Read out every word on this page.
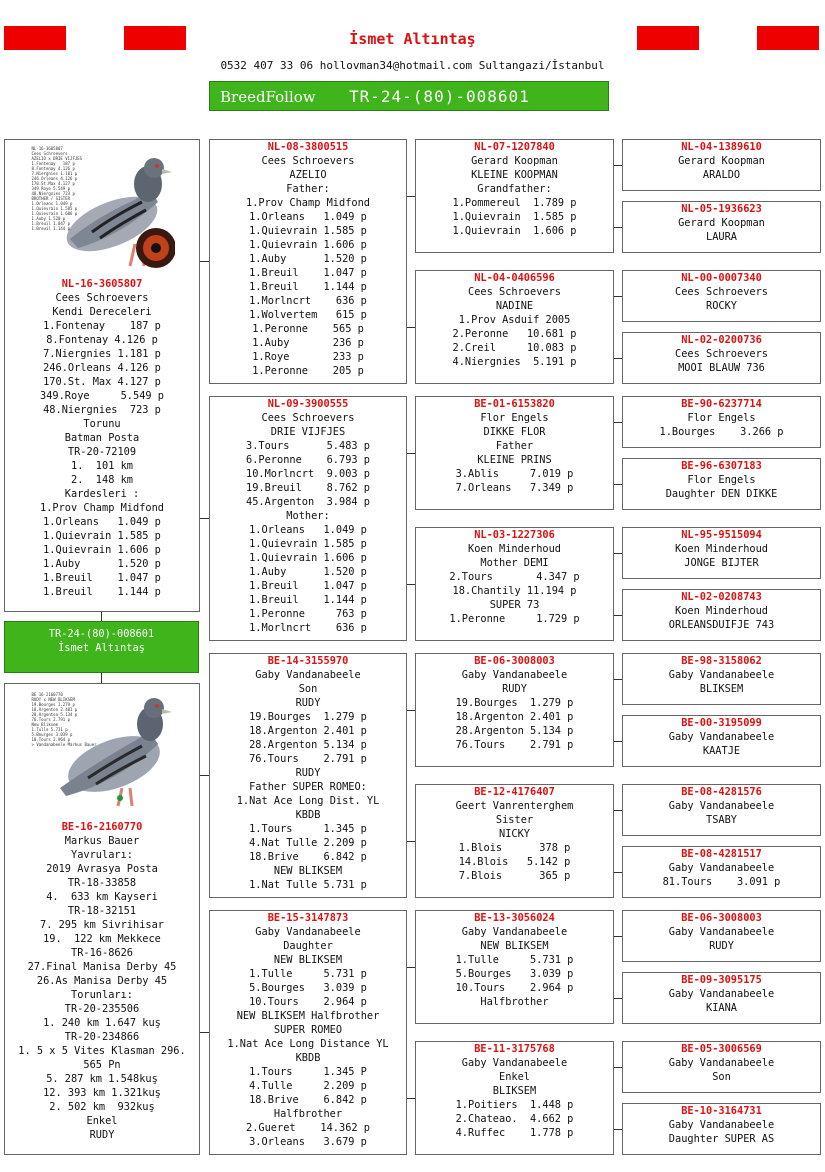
İsmet Altıntaş
0532 407 33 06 hollovman34@hotmail.com Sultangazi/İstanbul
BreedFollow TR-24-(80)-008601
NL-16-3605807
Cees Schroevers
AZELIO x DRIE VIJFJES
1.Fontenay   187 p
8.Fontenay 4.126 p
7.Niergnies 1.181 p
246.Orleans 4.126 p
170.St.Max 4.127 p
349.Roye 5.549 p
48.Niergnies 723 p
BROTHER / SISTER
1.Orleans 1.049 p
1.Quievrain 1.585 p
1.Quievrain 1.606 p
1.Auby 1.520 p
1.Breuil 1.047 p
1.Breuil 1.144 p
NL-16-3605807
Cees Schroevers
Kendi Dereceleri
1.Fontenay    187 p
8.Fontenay 4.126 p
7.Niergnies 1.181 p
246.Orleans 4.126 p
170.St. Max 4.127 p
349.Roye     5.549 p
48.Niergnies  723 p
Torunu
Batman Posta
TR-20-72109
1.  101 km
2.  148 km
Kardesleri :
1.Prov Champ Midfond
1.Orleans   1.049 p
1.Quievrain 1.585 p
1.Quievrain 1.606 p
1.Auby      1.520 p
1.Breuil    1.047 p
1.Breuil    1.144 p
TR-24-(80)-008601
İsmet Altıntaş
BE 16-2160770
RUDY x NEW BLIKSEM
19.Bourges 1.279 p
18.Argenton 2.401 p
28.Argenton 5.134 p
76.Tours 2.791 p
New Bliksem
1.Tulle 5.731 p
5.Bourges 3.039 p
10.Tours 2.964 p
> Vandanabeele Markus Bauer
BE-16-2160770
Markus Bauer
Yavruları:
2019 Avrasya Posta
TR-18-33858
4.  633 km Kayseri
TR-18-32151
7. 295 km Sivrihisar
19.  122 km Mekkece
TR-16-8626
27.Final Manisa Derby 45
26.As Manisa Derby 45
Torunları:
TR-20-235506
1. 240 km 1.647 kuş
TR-20-234866
1. 5 x 5 Vites Klasman 296.
565 Pn
5. 287 km 1.548kuş
12. 393 km 1.321kuş
2. 502 km  932kuş
Enkel
RUDY
NL-08-3800515
Cees Schroevers
AZELIO
Father:
1.Prov Champ Midfond
1.Orleans   1.049 p
1.Quievrain 1.585 p
1.Quievrain 1.606 p
1.Auby      1.520 p
1.Breuil    1.047 p
1.Breuil    1.144 p
1.Morlncrt    636 p
1.Wolvertem   615 p
1.Peronne    565 p
1.Auby       236 p
1.Roye       233 p
1.Peronne    205 p
NL-09-3900555
Cees Schroevers
DRIE VIJFJES
3.Tours      5.483 p
6.Peronne    6.793 p
10.Morlncrt  9.003 p
19.Breuil    8.762 p
45.Argenton  3.984 p
Mother:
1.Orleans   1.049 p
1.Quievrain 1.585 p
1.Quievrain 1.606 p
1.Auby      1.520 p
1.Breuil    1.047 p
1.Breuil    1.144 p
1.Peronne     763 p
1.Morlncrt    636 p
BE-14-3155970
Gaby Vandanabeele
Son
RUDY
19.Bourges  1.279 p
18.Argenton 2.401 p
28.Argenton 5.134 p
76.Tours    2.791 p
RUDY
Father SUPER ROMEO:
1.Nat Ace Long Dist. YL
KBDB
1.Tours     1.345 p
4.Nat Tulle 2.209 p
18.Brive    6.842 p
NEW BLIKSEM
1.Nat Tulle 5.731 p
BE-15-3147873
Gaby Vandanabeele
Daughter
NEW BLIKSEM
1.Tulle     5.731 p
5.Bourges   3.039 p
10.Tours    2.964 p
NEW BLIKSEM Halfbrother
SUPER ROMEO
1.Nat Ace Long Distance YL
KBDB
1.Tours     1.345 P
4.Tulle     2.209 p
18.Brive    6.842 p
Halfbrother
2.Gueret    14.362 p
3.Orleans   3.679 p
NL-07-1207840
Gerard Koopman
KLEINE KOOPMAN
Grandfather:
1.Pommereul  1.789 p
1.Quievrain  1.585 p
1.Quievrain  1.606 p
NL-04-0406596
Cees Schroevers
NADINE
1.Prov Asduif 2005
2.Peronne   10.681 p
2.Creil     10.083 p
4.Niergnies  5.191 p
BE-01-6153820
Flor Engels
DIKKE FLOR
Father
KLEINE PRINS
3.Ablis     7.019 p
7.Orleans   7.349 p
NL-03-1227306
Koen Minderhoud
Mother DEMI
2.Tours       4.347 p
18.Chantily 11.194 p
SUPER 73
1.Peronne     1.729 p
BE-06-3008003
Gaby Vandanabeele
RUDY
19.Bourges  1.279 p
18.Argenton 2.401 p
28.Argenton 5.134 p
76.Tours    2.791 p
BE-12-4176407
Geert Vanrenterghem
Sister
NICKY
1.Blois      378 p
14.Blois   5.142 p
7.Blois      365 p
BE-13-3056024
Gaby Vandanabeele
NEW BLIKSEM
1.Tulle     5.731 p
5.Bourges   3.039 p
10.Tours    2.964 p
Halfbrother
BE-11-3175768
Gaby Vandanabeele
Enkel
BLIKSEM
1.Poitiers  1.448 p
2.Chateao.  4.662 p
4.Ruffec    1.778 p
NL-04-1389610
Gerard Koopman
ARALDO
NL-05-1936623
Gerard Koopman
LAURA
NL-00-0007340
Cees Schroevers
ROCKY
NL-02-0200736
Cees Schroevers
MOOI BLAUW 736
BE-90-6237714
Flor Engels
1.Bourges    3.266 p
BE-96-6307183
Flor Engels
Daughter DEN DIKKE
NL-95-9515094
Koen Minderhoud
JONGE BIJTER
NL-02-0208743
Koen Minderhoud
ORLEANSDUIFJE 743
BE-98-3158062
Gaby Vandanabeele
BLIKSEM
BE-00-3195099
Gaby Vandanabeele
KAATJE
BE-08-4281576
Gaby Vandanabeele
TSABY
BE-08-4281517
Gaby Vandanabeele
81.Tours    3.091 p
BE-06-3008003
Gaby Vandanabeele
RUDY
BE-09-3095175
Gaby Vandanabeele
KIANA
BE-05-3006569
Gaby Vandanabeele
Son
BE-10-3164731
Gaby Vandanabeele
Daughter SUPER AS
